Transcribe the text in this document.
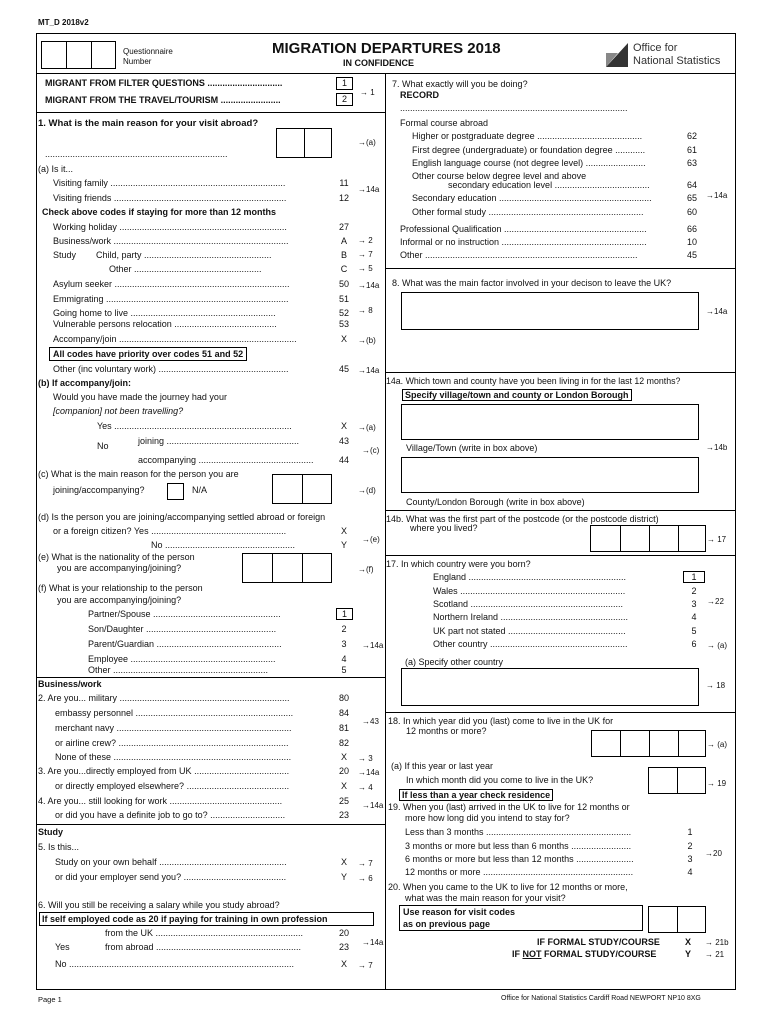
MT_D 2018v2
Questionnaire
Number
MIGRATION DEPARTURES 2018
IN CONFIDENCE
Office for
National Statistics
MIGRANT FROM FILTER QUESTIONS ..............................	1
MIGRANT FROM THE TRAVEL/TOURISM ........................	2
→ 1
1. What is the main reason for your visit abroad?
→(a)
.........................................................................
(a) Is it...
Visiting family ......................................................................	11
Visiting friends .....................................................................	12
→14a
Check above codes if staying for more than 12 months
Working holiday ...................................................................	27
Business/work ......................................................................	A	→ 2
Study Child, party ...................................................	B	→ 7
Other ...................................................	C	→ 5
Asylum seeker ......................................................................	50 →14a
Emmigrating .........................................................................	51
→ 8
Going home to live ..........................................................	52
Vulnerable persons relocation .........................................	53
Accompany/join .......................................................................	X	→(b)
All codes have priority over codes 51 and 52
Other (inc voluntary work) ....................................................	45 →14a
(b) If accompany/join:
Would you have made the journey had your
[companion] not been travelling?
Yes .......................................................................	X	→(a)
No	joining .....................................................	43
→(c)
accompanying ..............................................	44
(c) What is the main reason for the person you are
joining/accompanying?	N/A	→(d)
(d) Is the person you are joining/accompanying settled abroad or foreign
or a foreign citizen? Yes ......................................................	X
No ....................................................	Y
→(e)
(e) What is the nationality of the person
you are accompanying/joining?	→(f)
(f) What is your relationship to the person
you are accompanying/joining?
Partner/Spouse ...................................................	1
Son/Daughter ....................................................	2
Parent/Guardian ..................................................	3	→14a
Employee ..........................................................	4
Other ..............................................................	5
Business/work
2. Are you... military ....................................................................	80
embassy personnel ...............................................................	84
→43
merchant navy ......................................................................	81
or airline crew? ....................................................................	82
None of these .......................................................................	X	→ 3
3. Are you...directly employed from UK ......................................	20 →14a
or directly employed elsewhere? .........................................	X	→ 4
4. Are you... still looking for work .............................................	25 →14a
or did you have a definite job to go to? ..............................	23
Study
5. Is this...
Study on your own behalf ...................................................	X	→ 7
or did your employer send you? .........................................	Y	→ 6
6. Will you still be receiving a salary while you study abroad?
If self employed code as 20 if paying for training in own profession
from the UK ...........................................................	20
Yes	from abroad ..........................................................	23 →14a
No ..........................................................................................	X	→ 7
7. What exactly will you be doing?
RECORD
...........................................................................................
Formal course abroad
Higher or postgraduate degree ..........................................	62
First degree (undergraduate) or foundation degree ............	61
English language course (not degree level) ........................	63
Other course below degree level and above
secondary education level ......................................	64
→14a
Secondary education .............................................................	65
Other formal study ..............................................................	60
Professional Qualification .........................................................	66
Informal or no instruction ..........................................................	10
Other .....................................................................................	45
8. What was the main factor involved in your decison to leave the UK?
→14a
14a. Which town and county have you been living in for the last 12 months?
Specify village/town and county or London Borough
Village/Town (write in box above)	→14b
County/London Borough (write in box above)
14b. What was the first part of the postcode (or the postcode district)
where you lived?
→ 17
17. In which country were you born?
England ...............................................................	1
Wales ..................................................................	2
Scotland .............................................................	3	→22
Northern Ireland ...................................................	4
UK part not stated ...............................................	5
Other country .......................................................	6	→ (a)
(a) Specify other country
→ 18
18. In which year did you (last) come to live in the UK for
12 months or more?
→ (a)
(a) If this year or last year
In which month did you come to live in the UK?	→ 19
If less than a year check residence
19. When you (last) arrived in the UK to live for 12 months or
more how long did you intend to stay for?
Less than 3 months ..........................................................	1
3 months or more but less than 6 months ........................	2
→20
6 months or more but less than 12 months .......................	3
12 months or more ............................................................	4
20. When you came to the UK to live for 12 months or more,
what was the main reason for your visit?
Use reason for visit codes
as on previous page
IF FORMAL STUDY/COURSE	X	→ 21b
IF NOT FORMAL STUDY/COURSE	Y	→ 21
Page 1	Office for National Statistics Cardiff Road NEWPORT NP10 8XG
